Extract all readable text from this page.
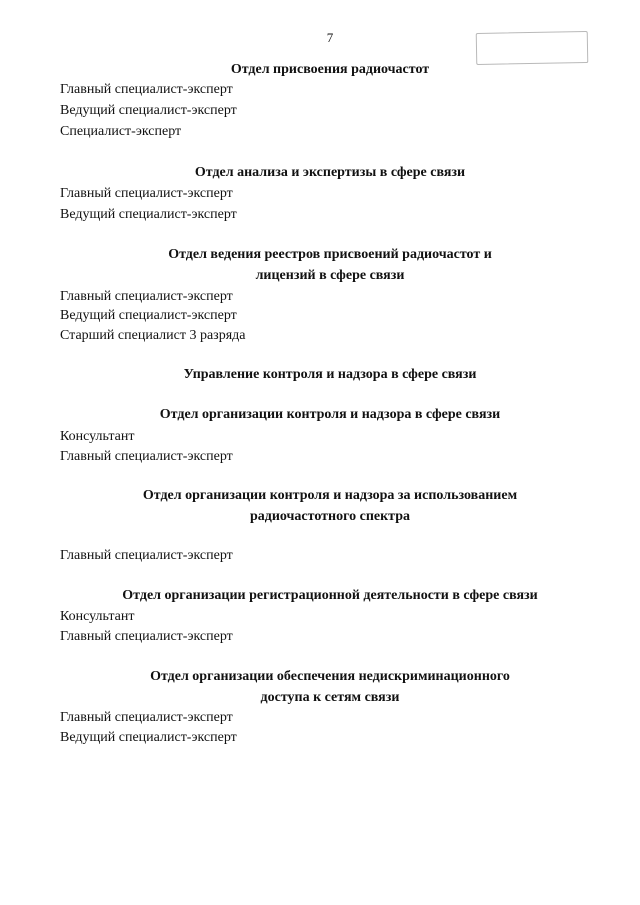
7
Отдел присвоения радиочастот
Главный специалист-эксперт
Ведущий специалист-эксперт
Специалист-эксперт
Отдел анализа и экспертизы в сфере связи
Главный специалист-эксперт
Ведущий специалист-эксперт
Отдел ведения реестров присвоений радиочастот и
лицензий в сфере связи
Главный специалист-эксперт
Ведущий специалист-эксперт
Старший специалист 3 разряда
Управление контроля и надзора в сфере связи
Отдел организации контроля и надзора в сфере связи
Консультант
Главный специалист-эксперт
Отдел организации контроля и надзора за использованием
радиочастотного спектра
Главный специалист-эксперт
Отдел организации регистрационной деятельности в сфере связи
Консультант
Главный специалист-эксперт
Отдел организации обеспечения недискриминационного
доступа к сетям связи
Главный специалист-эксперт
Ведущий специалист-эксперт
